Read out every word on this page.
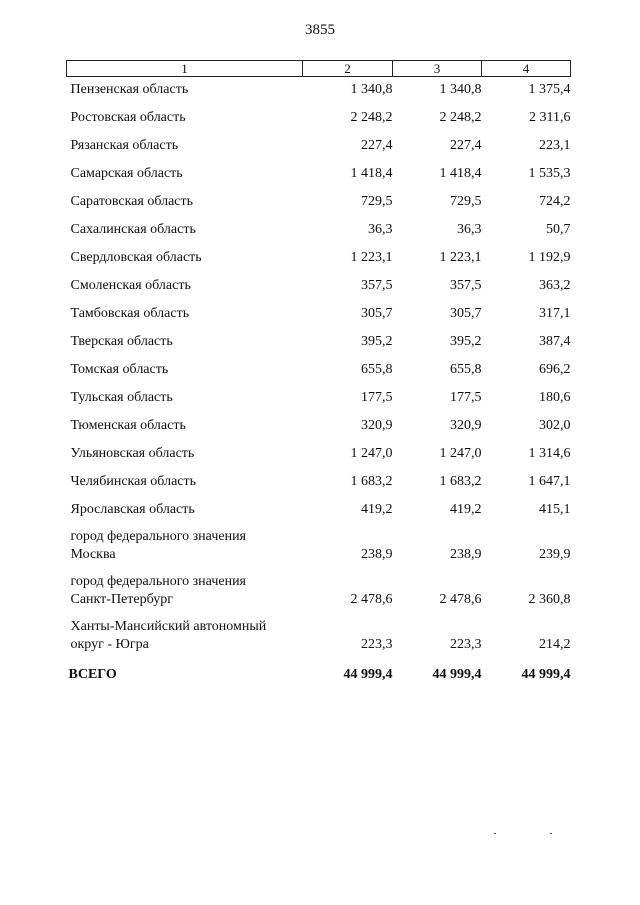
3855
1	2	3	4
Пензенская область	1 340,8	1 340,8	1 375,4
Ростовская область	2 248,2	2 248,2	2 311,6
Рязанская область	227,4	227,4	223,1
Самарская область	1 418,4	1 418,4	1 535,3
Саратовская область	729,5	729,5	724,2
Сахалинская область	36,3	36,3	50,7
Свердловская область	1 223,1	1 223,1	1 192,9
Смоленская область	357,5	357,5	363,2
Тамбовская область	305,7	305,7	317,1
Тверская область	395,2	395,2	387,4
Томская область	655,8	655,8	696,2
Тульская область	177,5	177,5	180,6
Тюменская область	320,9	320,9	302,0
Ульяновская область	1 247,0	1 247,0	1 314,6
Челябинская область	1 683,2	1 683,2	1 647,1
Ярославская область	419,2	419,2	415,1
город федерального значения
Москва	238,9	238,9	239,9
город федерального значения
Санкт-Петербург	2 478,6	2 478,6	2 360,8
Ханты-Мансийский автономный
округ - Югра	223,3	223,3	214,2
ВСЕГО	44 999,4	44 999,4	44 999,4
